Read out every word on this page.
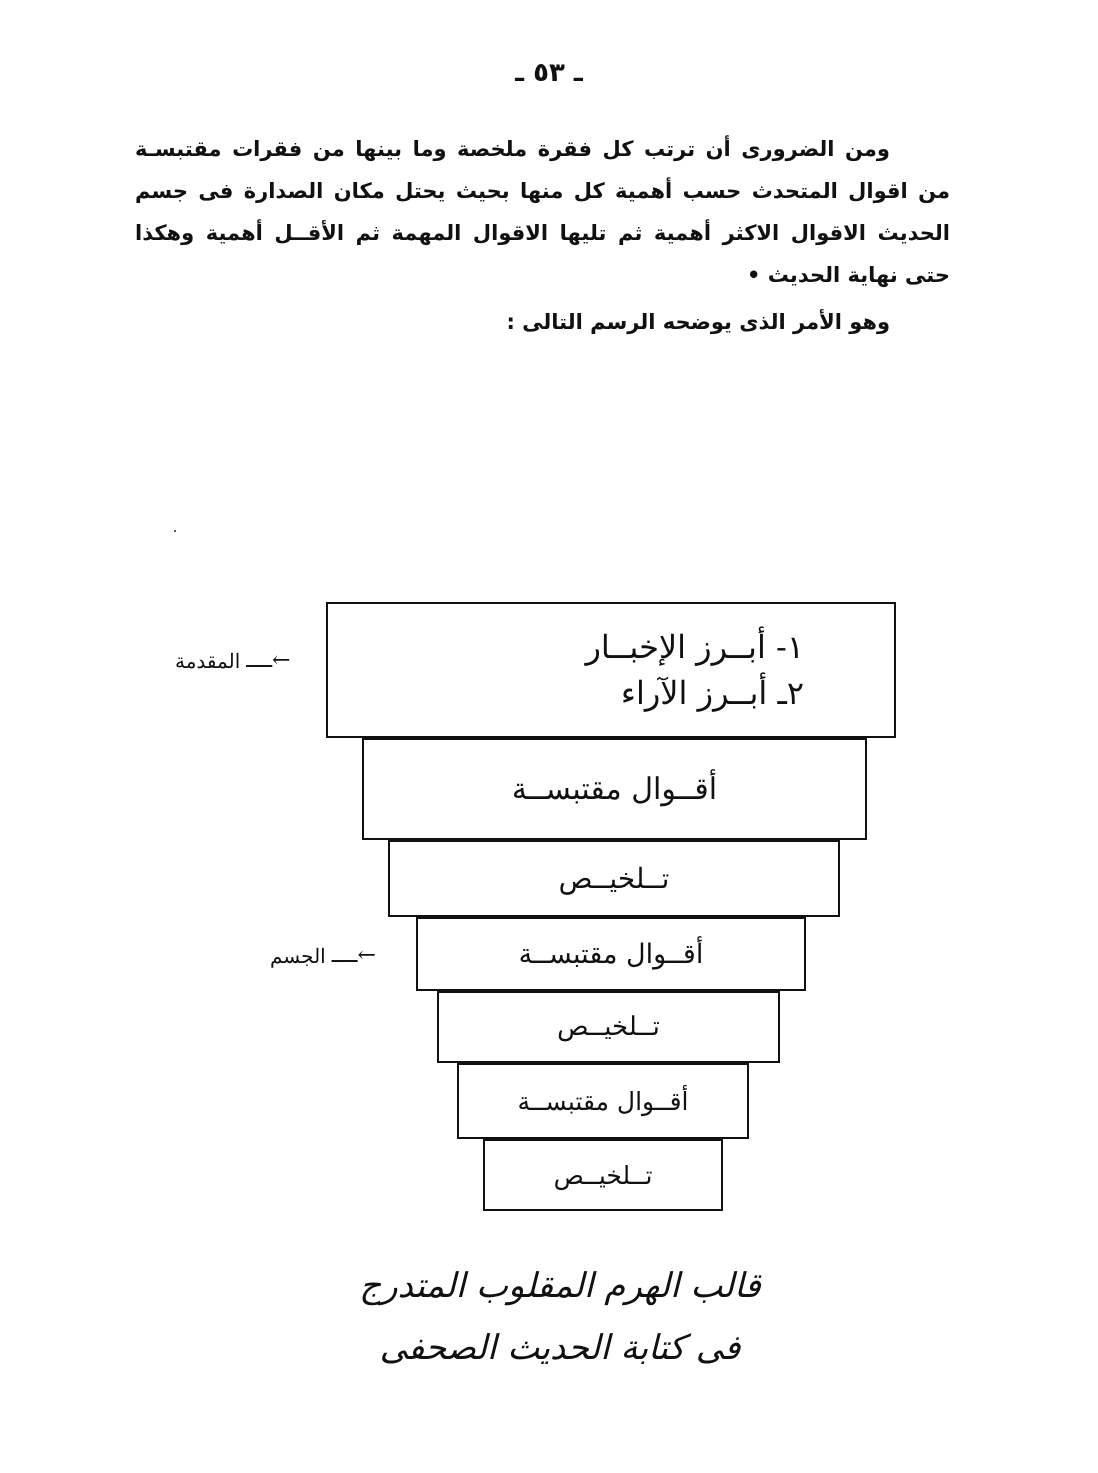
ـ ٥٣ ـ

ومن الضرورى أن ترتب كل فقرة ملخصة وما بينها من فقرات مقتبسـة من اقوال المتحدث حسب أهمية كل منها بحيث يحتل مكان الصدارة فى جسم الحديث الاقوال الاكثر أهمية ثم تليها الاقوال المهمة ثم الأقــل أهمية وهكذا حتى نهاية الحديث •

وهو الأمر الذى يوضحه الرسم التالى :
١- أبــرز الإخبــار
٢ـ أبــرز الآراء
أقــوال مقتبســة
تــلخيــص
أقــوال مقتبســة
تــلخيــص
أقــوال مقتبســة
تــلخيــص
←ــــ
المقدمة
←ــــ
الجسم
قالب الهرم المقلوب المتدرج
فى كتابة الحديث الصحفى
